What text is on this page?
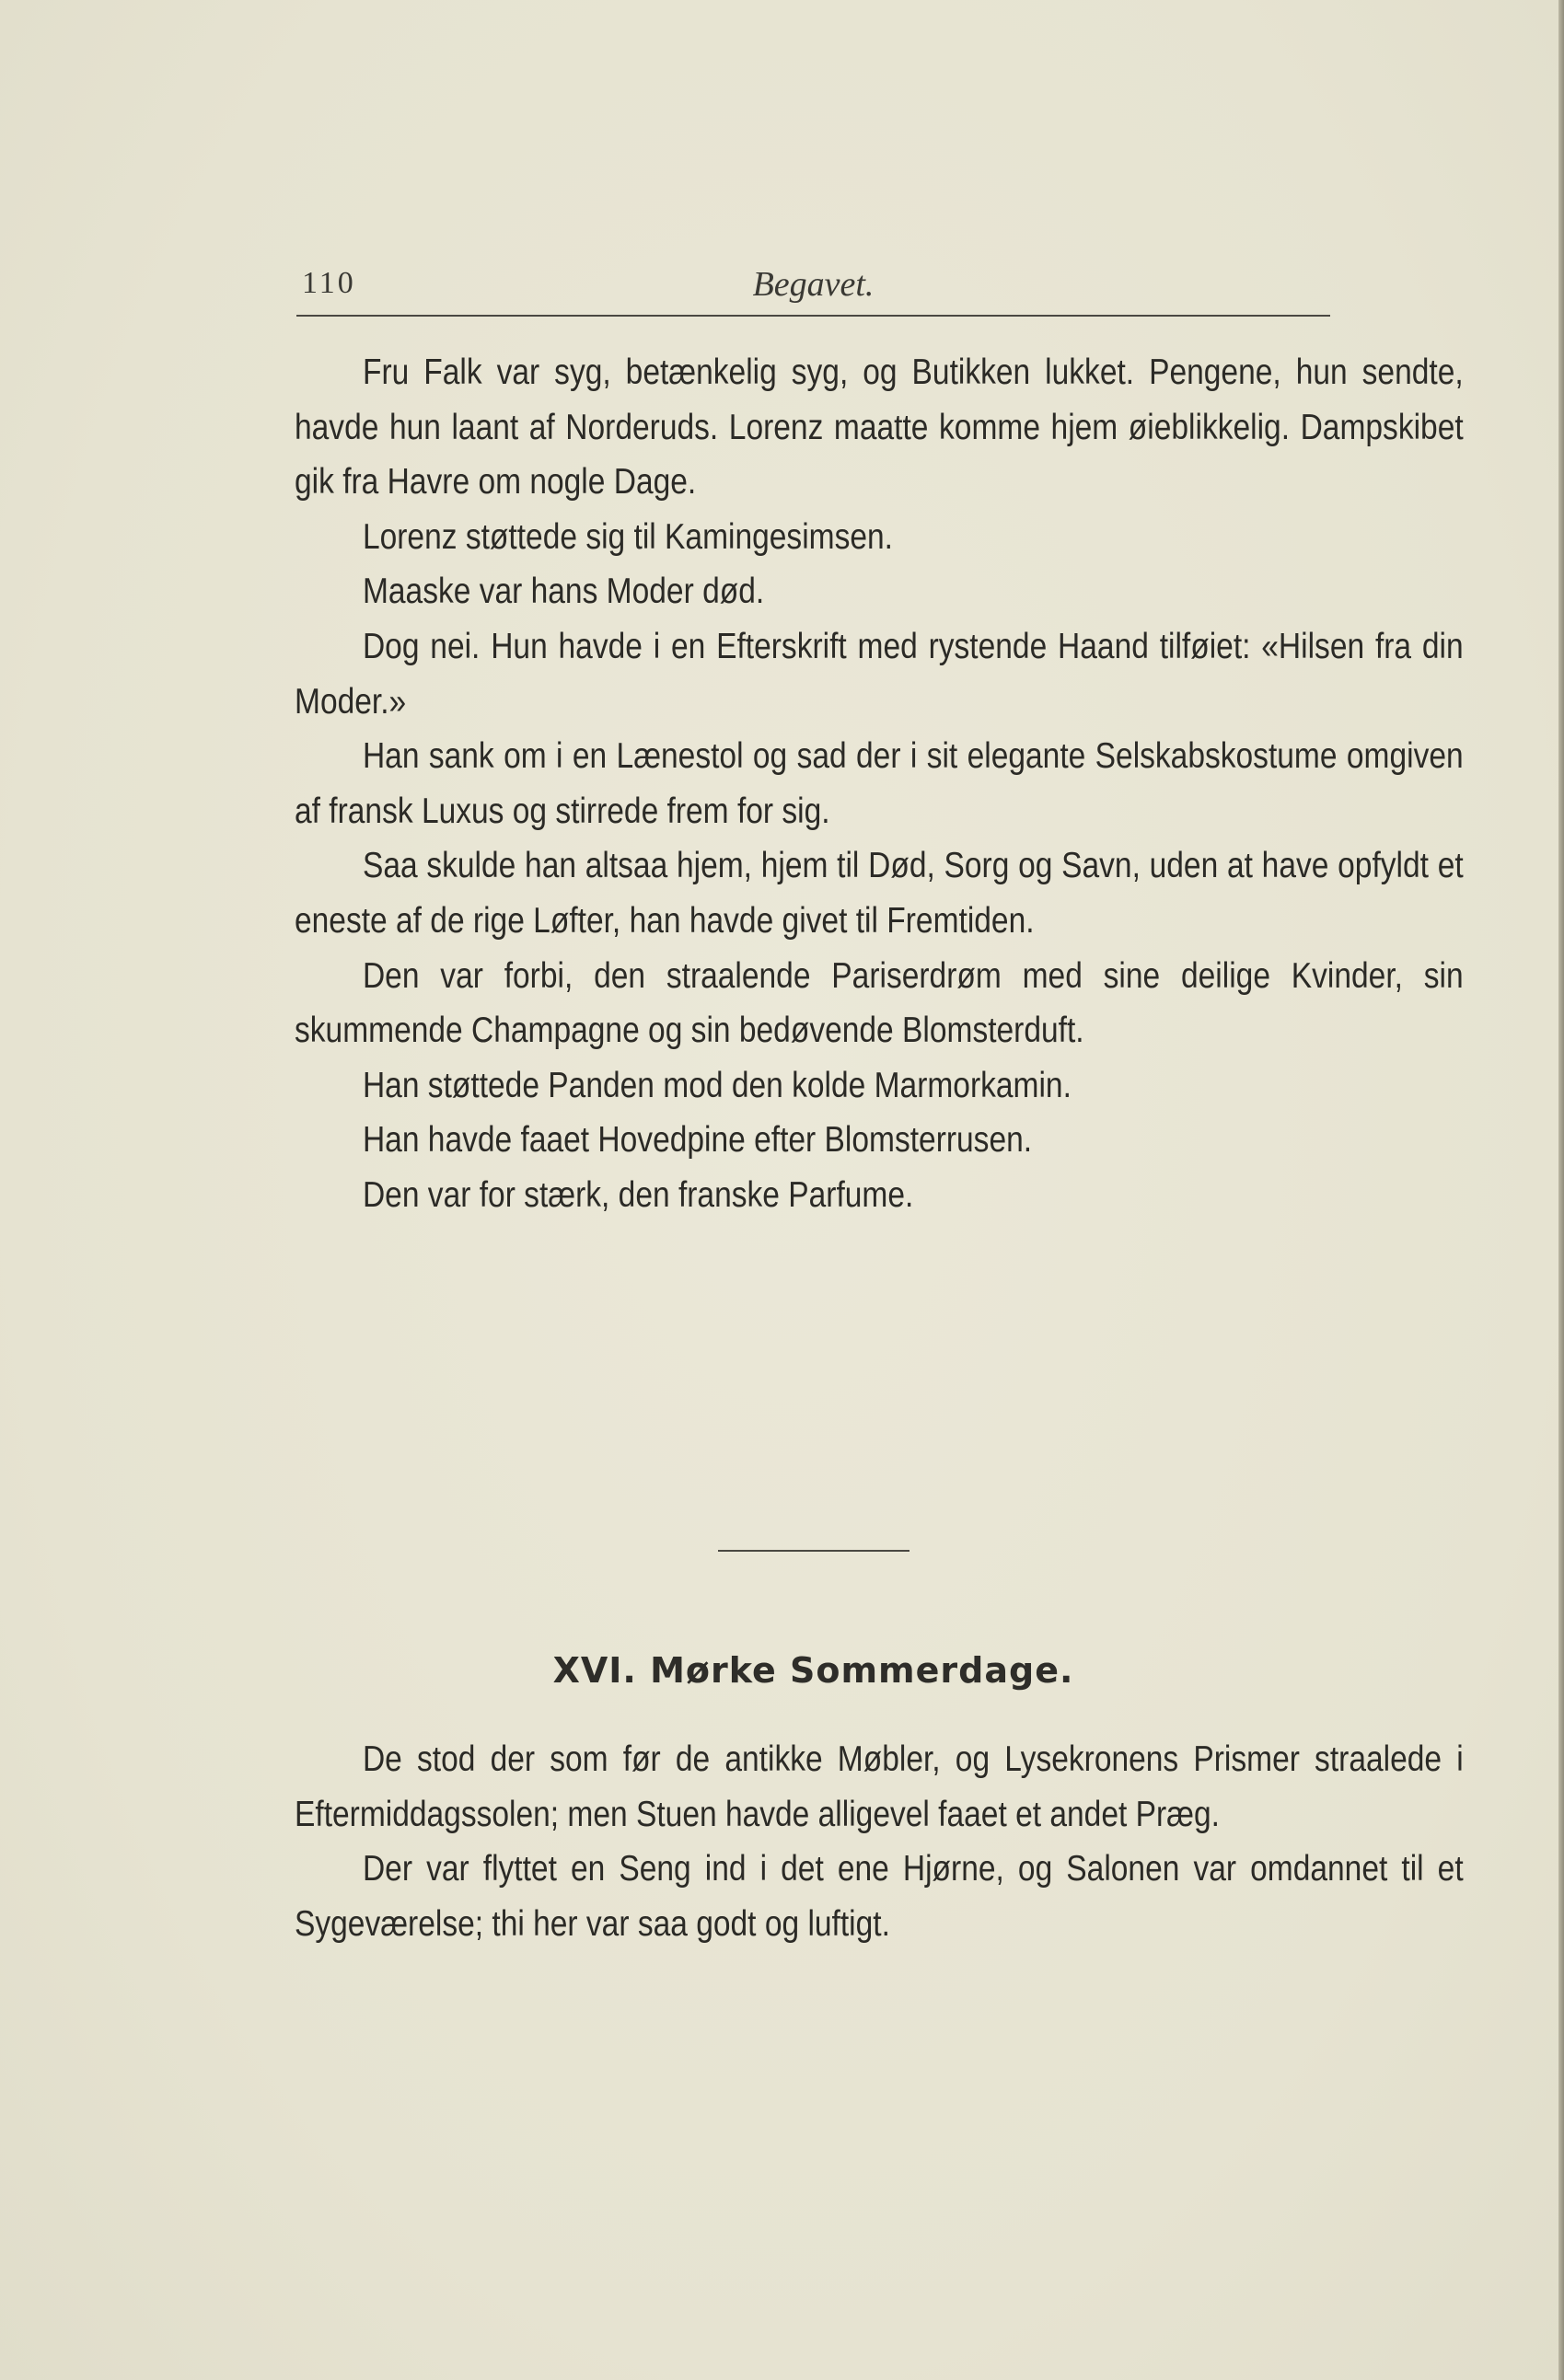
110	Begavet.

Fru Falk var syg, betænkelig syg, og Butikken lukket. Pengene, hun sendte, havde hun laant af Norderuds. Lorenz maatte komme hjem øieblikkelig. Dampskibet gik fra Havre om nogle Dage.

Lorenz støttede sig til Kamingesimsen.

Maaske var hans Moder død.

Dog nei. Hun havde i en Efterskrift med rystende Haand tilføiet: «Hilsen fra din Moder.»

Han sank om i en Lænestol og sad der i sit elegante Selskabskostume omgiven af fransk Luxus og stirrede frem for sig.

Saa skulde han altsaa hjem, hjem til Død, Sorg og Savn, uden at have opfyldt et eneste af de rige Løfter, han havde givet til Fremtiden.

Den var forbi, den straalende Pariserdrøm med sine deilige Kvinder, sin skummende Champagne og sin bedøvende Blomsterduft.

Han støttede Panden mod den kolde Marmorkamin.

Han havde faaet Hovedpine efter Blomsterrusen.

Den var for stærk, den franske Parfume.

XVI. Mørke Sommerdage.

De stod der som før de antikke Møbler, og Lysekronens Prismer straalede i Eftermiddagssolen; men Stuen havde alligevel faaet et andet Præg.

Der var flyttet en Seng ind i det ene Hjørne, og Salonen var omdannet til et Sygeværelse; thi her var saa godt og luftigt.
